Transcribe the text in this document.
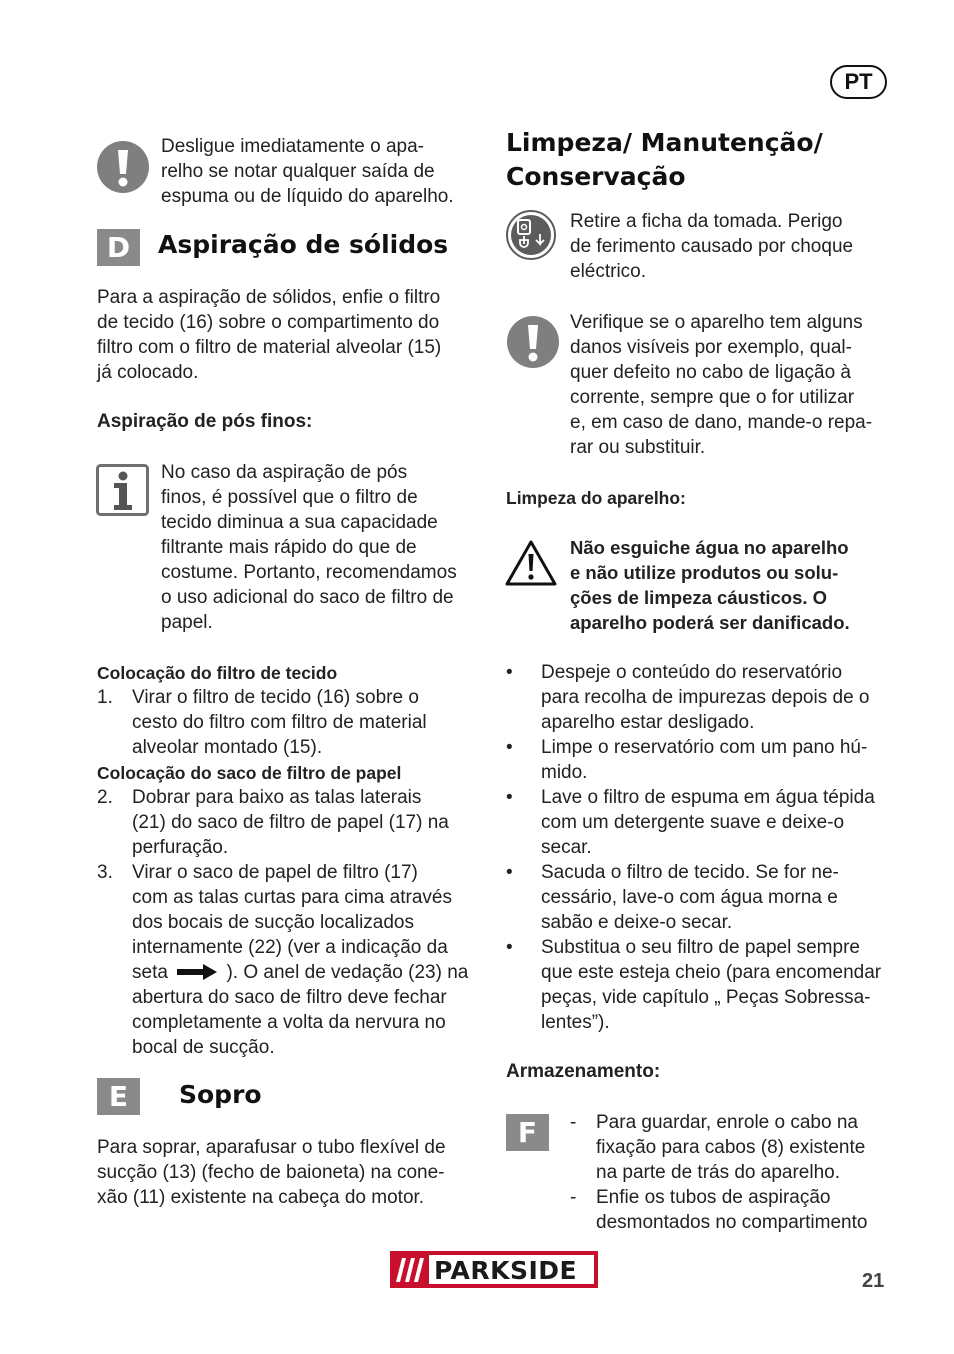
PT
Desligue imediatamente o apa-
relho se notar qualquer saída de
espuma ou de líquido do aparelho.
D	Aspiração de sólidos
Para a aspiração de sólidos, enfie o filtro
de tecido (16) sobre o compartimento do
filtro com o filtro de material alveolar (15)
já colocado.
Aspiração de pós finos:
No caso da aspiração de pós
finos, é possível que o filtro de
tecido diminua a sua capacidade
filtrante mais rápido do que de
costume. Portanto, recomendamos
o uso adicional do saco de filtro de
papel.
Colocação do filtro de tecido
1.	Virar o filtro de tecido (16) sobre o
cesto do filtro com filtro de material
alveolar montado (15).
Colocação do saco de filtro de papel
2.	Dobrar para baixo as talas laterais
(21) do saco de filtro de papel (17) na
perfuração.
3.	Virar o saco de papel de filtro (17)
com as talas curtas para cima através
dos bocais de sucção localizados
internamente (22) (ver a indicação da
seta	). O anel de vedação (23) na
abertura do saco de filtro deve fechar
completamente a volta da nervura no
bocal de sucção.
E	Sopro
Para soprar, aparafusar o tubo flexível de
sucção (13) (fecho de baioneta) na cone-
xão (11) existente na cabeça do motor.
Limpeza/ Manutenção/
Conservação
Retire a ficha da tomada. Perigo
de ferimento causado por choque
eléctrico.
Verifique se o aparelho tem alguns
danos visíveis por exemplo, qual-
quer defeito no cabo de ligação à
corrente, sempre que o for utilizar
e, em caso de dano, mande-o repa-
rar ou substituir.
Limpeza do aparelho:
Não esguiche água no aparelho
e não utilize produtos ou solu-
ções de limpeza cáusticos. O
aparelho poderá ser danificado.
•	Despeje o conteúdo do reservatório
para recolha de impurezas depois de o
aparelho estar desligado.
•	Limpe o reservatório com um pano hú-
mido.
•	Lave o filtro de espuma em água tépida
com um detergente suave e deixe-o
secar.
•	Sacuda o filtro de tecido. Se for ne-
cessário, lave-o com água morna e
sabão e deixe-o secar.
•	Substitua o seu filtro de papel sempre
que este esteja cheio (para encomendar
peças, vide capítulo „ Peças Sobressa-
lentes”).
Armazenamento:
F	-	Para guardar, enrole o cabo na
fixação para cabos (8) existente
na parte de trás do aparelho.
-	Enfie os tubos de aspiração
desmontados no compartimento
PARKSIDE	21
